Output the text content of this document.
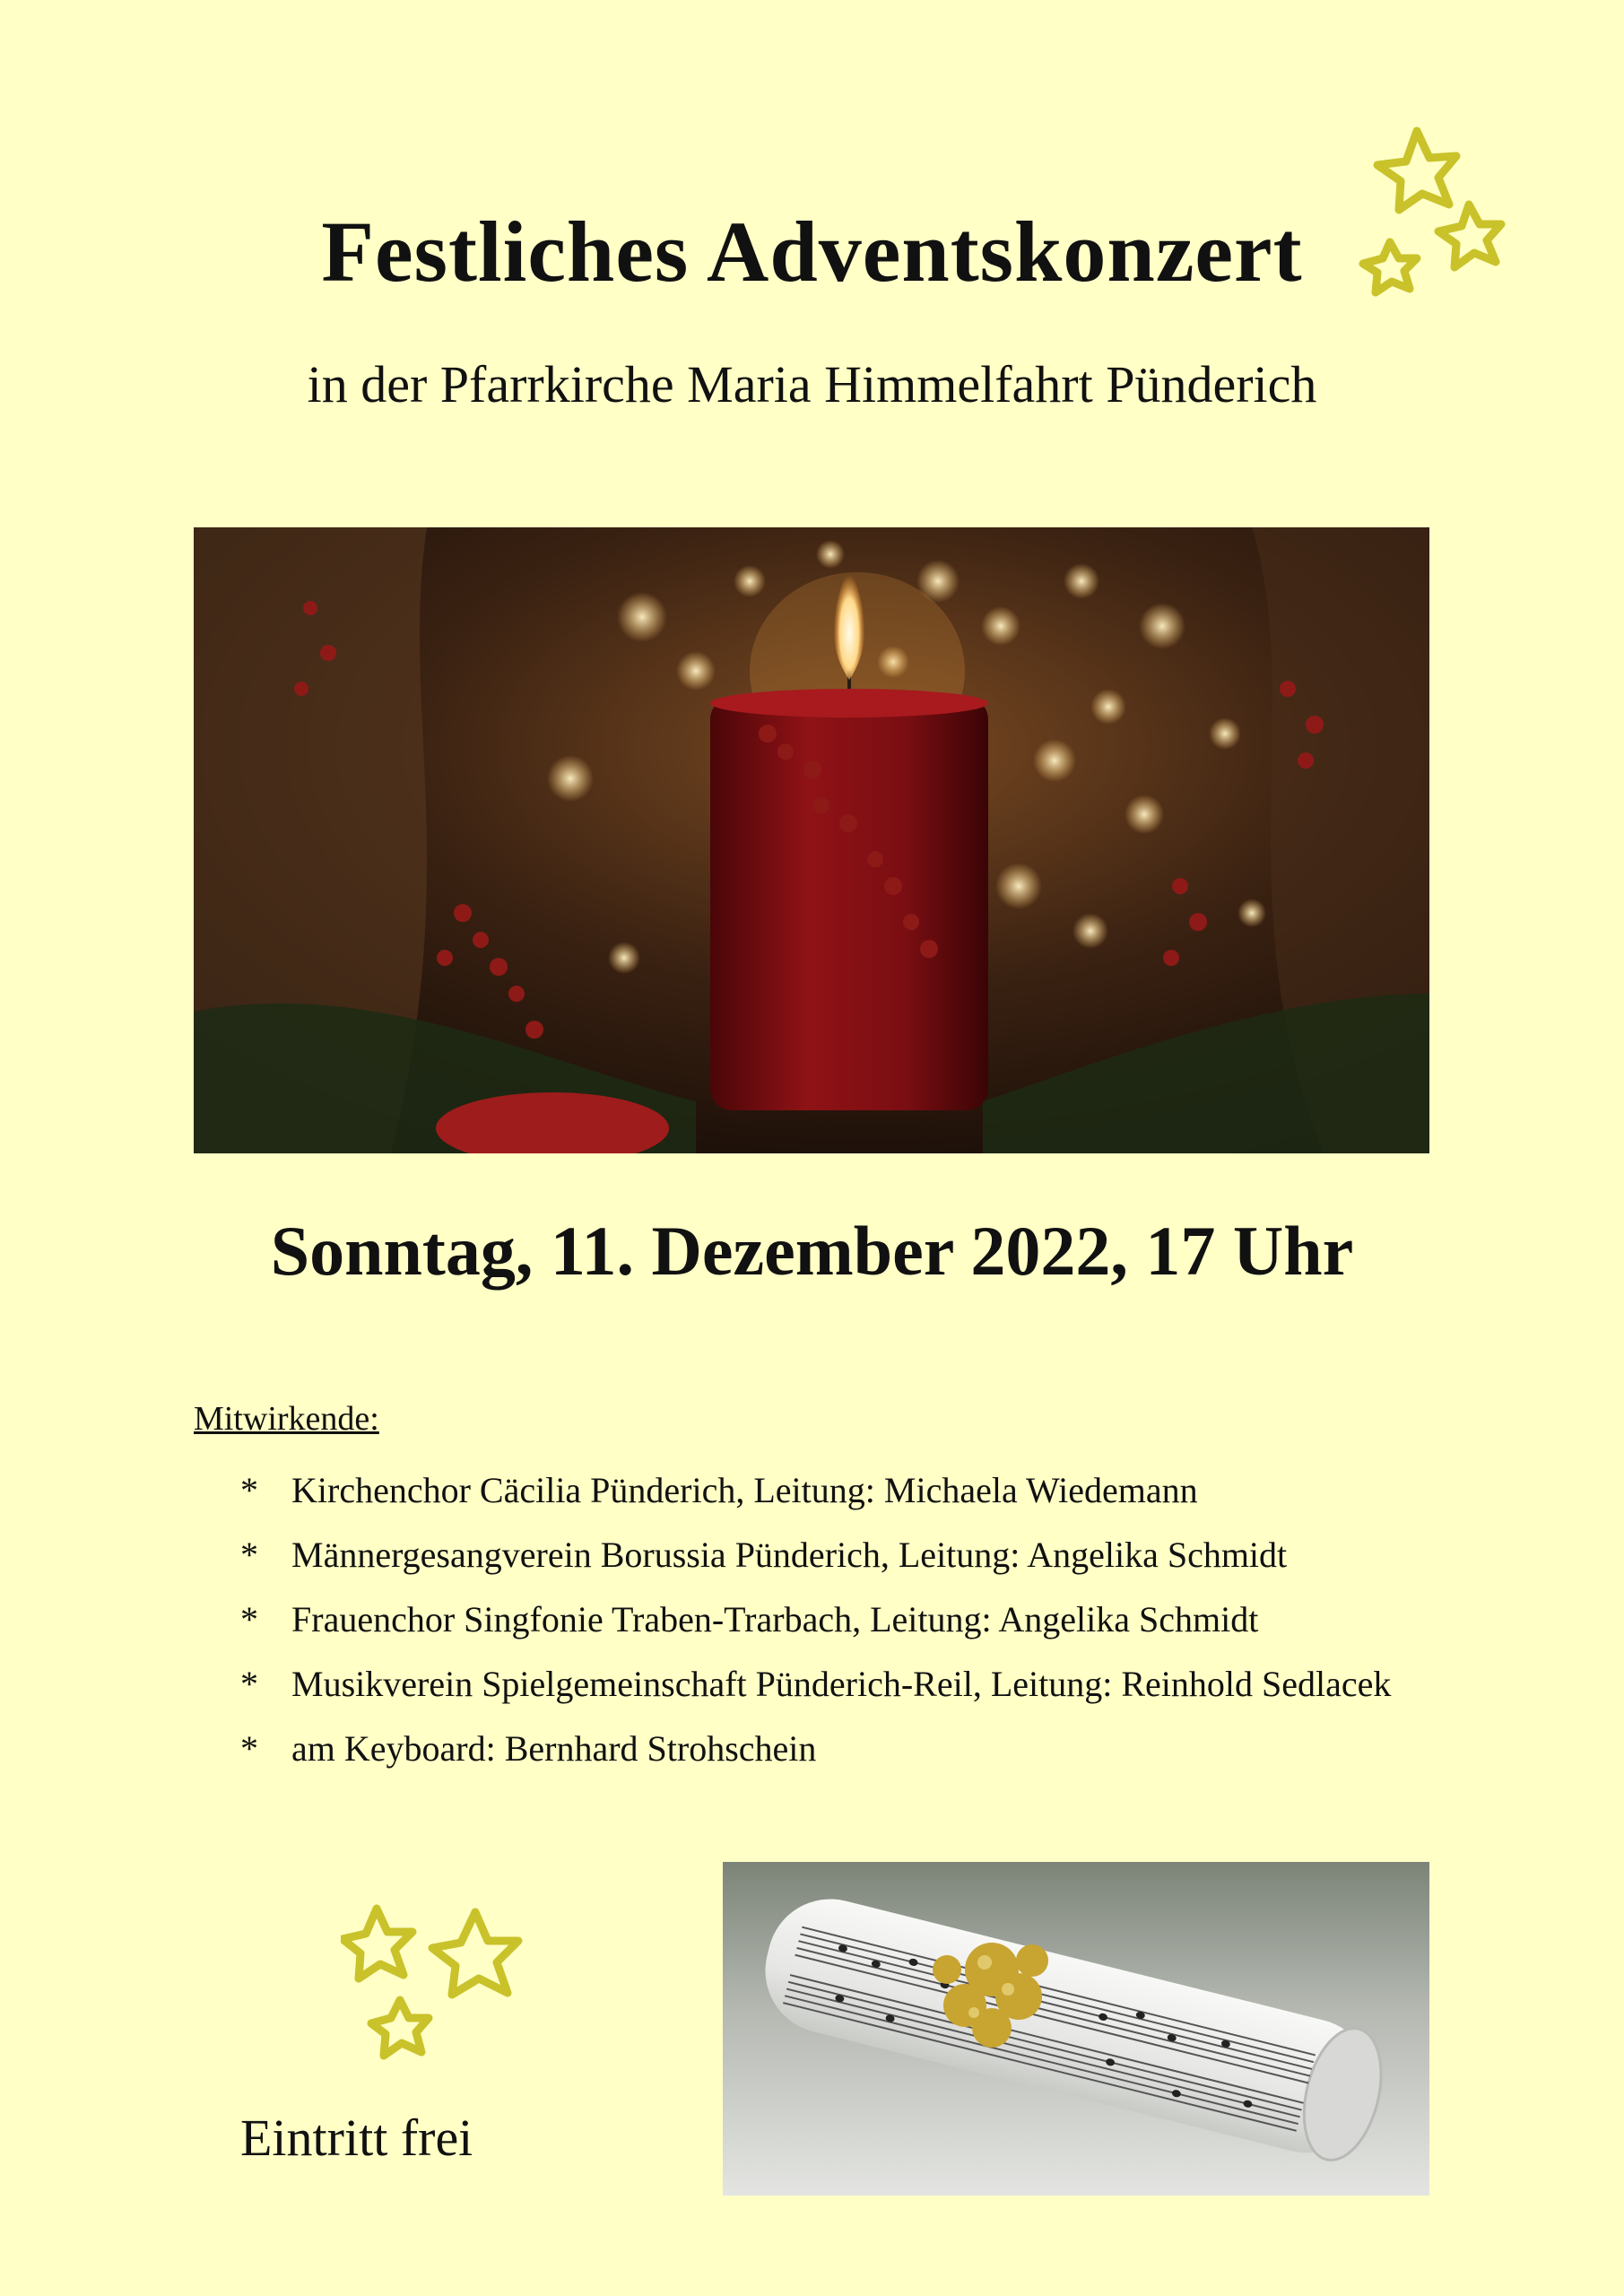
Festliches Adventskonzert
in der Pfarrkirche Maria Himmelfahrt Pünderich
Sonntag, 11. Dezember 2022, 17 Uhr
Mitwirkende:
* Kirchenchor Cäcilia Pünderich, Leitung: Michaela Wiedemann
* Männergesangverein Borussia Pünderich, Leitung: Angelika Schmidt
* Frauenchor Singfonie Traben-Trarbach, Leitung: Angelika Schmidt
* Musikverein Spielgemeinschaft Pünderich-Reil, Leitung: Reinhold Sedlacek
* am Keyboard: Bernhard Strohschein
Eintritt frei
